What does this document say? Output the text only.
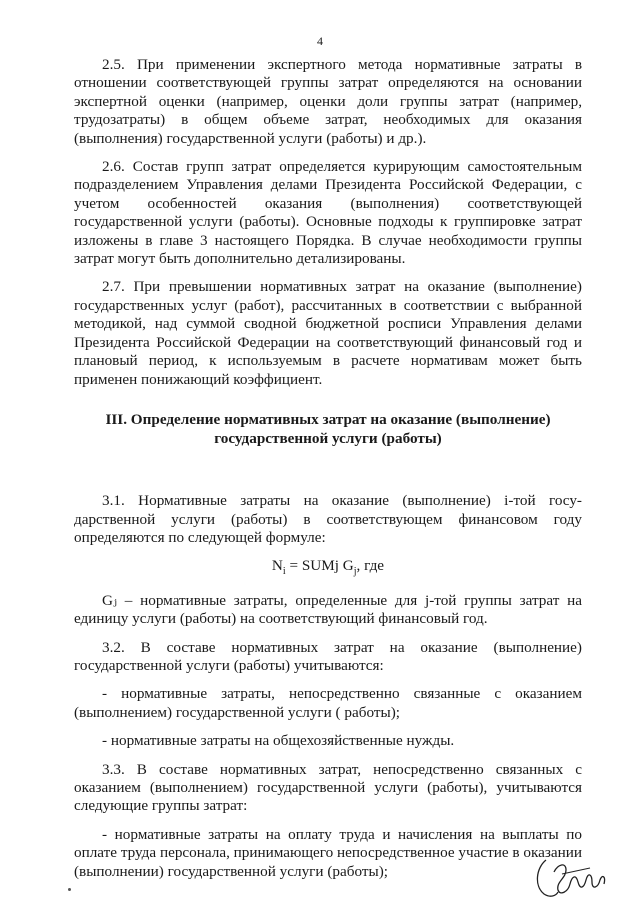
4

2.5. При применении экспертного метода нормативные затраты в отношении соответствующей группы затрат определяются на основании экспертной оценки (например, оценки доли группы затрат (например, трудозатраты) в общем объеме затрат, необходимых для оказания (выполнения) государственной услуги (работы) и др.).

2.6. Состав групп затрат определяется курирующим самостоятельным подразделением Управления делами Президента Российской Федерации, с учетом особенностей оказания (выполнения) соответствующей государственной услуги (работы). Основные подходы к группировке затрат изложены в главе 3 настоящего Порядка. В случае необходимости группы затрат могут быть дополнительно детализированы.

2.7. При превышении нормативных затрат на оказание (выполнение) государственных услуг (работ), рассчитанных в соответствии с выбранной методикой, над суммой сводной бюджетной росписи Управления делами Президента Российской Федерации на соответствующий финансовый год и плановый период, к используемым в расчете нормативам может быть применен понижающий коэффициент.

III. Определение нормативных затрат на оказание (выполнение)
государственной услуги (работы)

3.1. Нормативные затраты на оказание (выполнение) i-той госу-дарственной услуги (работы) в соответствующем финансовом году определяются по следующей формуле:

$N_i$ = SUMj $G_j$, где

Gⱼ – нормативные затраты, определенные для j-той группы затрат на единицу услуги (работы) на соответствующий финансовый год.

3.2. В составе нормативных затрат на оказание (выполнение) государственной услуги (работы) учитываются:

- нормативные затраты, непосредственно связанные с оказанием (выполнением) государственной услуги ( работы);

- нормативные затраты на общехозяйственные нужды.

3.3. В составе нормативных затрат, непосредственно связанных с оказанием (выполнением) государственной услуги (работы), учитываются следующие группы затрат:

- нормативные затраты на оплату труда и начисления на выплаты по оплате труда персонала, принимающего непосредственное участие в оказании (выполнении) государственной услуги (работы);
